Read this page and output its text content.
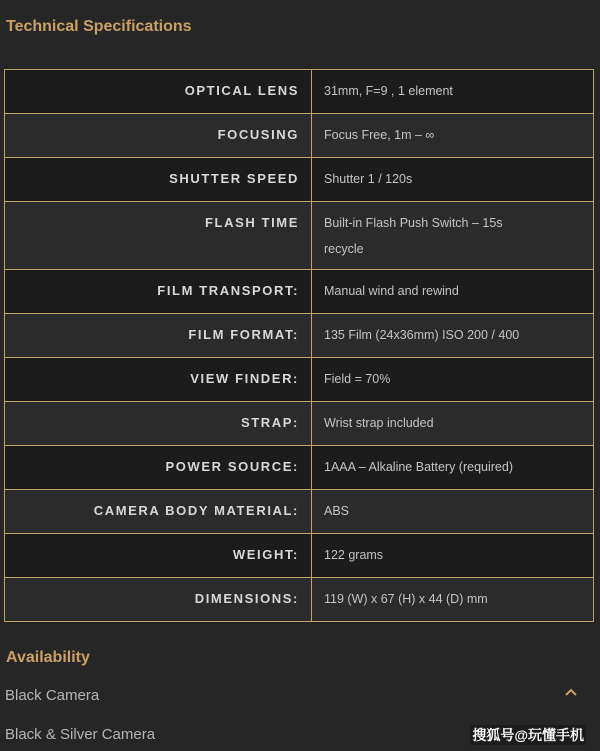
Technical Specifications
OPTICAL LENS	31mm, F=9 , 1 element

FOCUSING	Focus Free, 1m – ∞

SHUTTER SPEED	Shutter 1 / 120s

FLASH TIME	Built-in Flash Push Switch – 15s
recycle

FILM TRANSPORT:	Manual wind and rewind

FILM FORMAT:	135 Film (24x36mm) ISO 200 / 400

VIEW FINDER:	Field = 70%

STRAP:	Wrist strap included

POWER SOURCE:	1AAA – Alkaline Battery (required)

CAMERA BODY MATERIAL:	ABS

WEIGHT:	122 grams

DIMENSIONS:	119 (W) x 67 (H) x 44 (D) mm
Availability
Black Camera
Black & Silver Camera	搜狐号@玩懂手机
